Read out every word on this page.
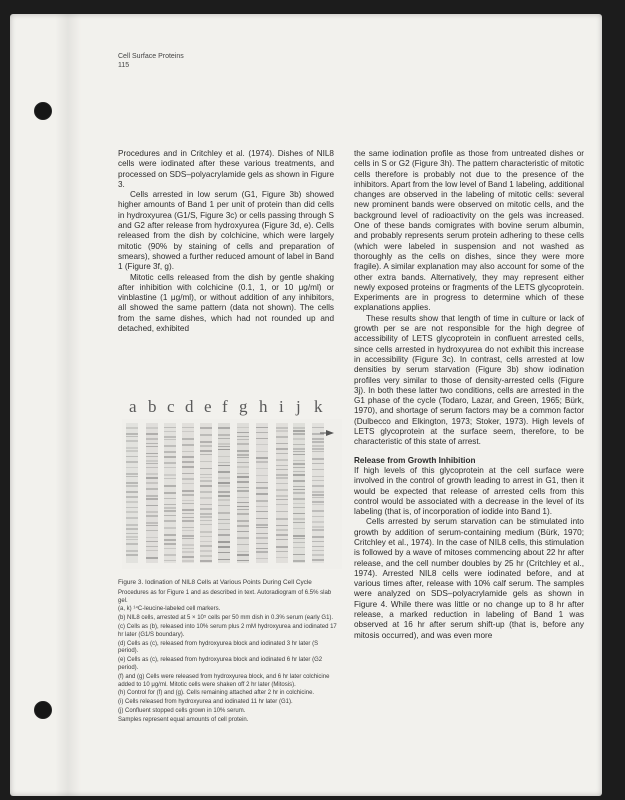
Cell Surface Proteins
115

Procedures and in Critchley et al. (1974). Dishes of NIL8 cells were iodinated after these various treatments, and processed on SDS–polyacrylamide gels as shown in Figure 3.

Cells arrested in low serum (G1, Figure 3b) showed higher amounts of Band 1 per unit of protein than did cells in hydroxyurea (G1/S, Figure 3c) or cells passing through S and G2 after release from hydroxyurea (Figure 3d, e). Cells released from the dish by colchicine, which were largely mitotic (90% by staining of cells and preparation of smears), showed a further reduced amount of label in Band 1 (Figure 3f, g).

Mitotic cells released from the dish by gentle shaking after inhibition with colchicine (0.1, 1, or 10 μg/ml) or vinblastine (1 μg/ml), or without addition of any inhibitors, all showed the same pattern (data not shown). The cells from the same dishes, which had not rounded up and detached, exhibited

a b c d e f g h i j k

Figure 3. Iodination of NIL8 Cells at Various Points During Cell Cycle

Procedures as for Figure 1 and as described in text. Autoradiogram of 6.5% slab gel.

(a, k) ¹⁴C-leucine-labeled cell markers.

(b) NIL8 cells, arrested at 5 × 10⁵ cells per 50 mm dish in 0.3% serum (early G1).

(c) Cells as (b), released into 10% serum plus 2 mM hydroxyurea and iodinated 17 hr later (G1/S boundary).

(d) Cells as (c), released from hydroxyurea block and iodinated 3 hr later (S period).

(e) Cells as (c), released from hydroxyurea block and iodinated 6 hr later (G2 period).

(f) and (g) Cells were released from hydroxyurea block, and 6 hr later colchicine added to 10 μg/ml. Mitotic cells were shaken off 2 hr later (Mitosis).

(h) Control for (f) and (g). Cells remaining attached after 2 hr in colchicine.

(i) Cells released from hydroxyurea and iodinated 11 hr later (G1).

(j) Confluent stopped cells grown in 10% serum.

Samples represent equal amounts of cell protein.

the same iodination profile as those from untreated dishes or cells in S or G2 (Figure 3h). The pattern characteristic of mitotic cells therefore is probably not due to the presence of the inhibitors. Apart from the low level of Band 1 labeling, additional changes are observed in the labeling of mitotic cells: several new prominent bands were observed on mitotic cells, and the background level of radioactivity on the gels was increased. One of these bands comigrates with bovine serum albumin, and probably represents serum protein adhering to these cells (which were labeled in suspension and not washed as thoroughly as the cells on dishes, since they were more fragile). A similar explanation may also account for some of the other extra bands. Alternatively, they may represent either newly exposed proteins or fragments of the LETS glycoprotein. Experiments are in progress to determine which of these explanations applies.

These results show that length of time in culture or lack of growth per se are not responsible for the high degree of accessibility of LETS glycoprotein in confluent arrested cells, since cells arrested in hydroxyurea do not exhibit this increase in accessibility (Figure 3c). In contrast, cells arrested at low densities by serum starvation (Figure 3b) show iodination profiles very similar to those of density-arrested cells (Figure 3j). In both these latter two conditions, cells are arrested in the G1 phase of the cycle (Todaro, Lazar, and Green, 1965; Bürk, 1970), and shortage of serum factors may be a common factor (Dulbecco and Elkington, 1973; Stoker, 1973). High levels of LETS glycoprotein at the surface seem, therefore, to be characteristic of this state of arrest.

Release from Growth Inhibition

If high levels of this glycoprotein at the cell surface were involved in the control of growth leading to arrest in G1, then it would be expected that release of arrested cells from this control would be associated with a decrease in the level of its labeling (that is, of incorporation of iodide into Band 1).

Cells arrested by serum starvation can be stimulated into growth by addition of serum-containing medium (Bürk, 1970; Critchley et al., 1974). In the case of NIL8 cells, this stimulation is followed by a wave of mitoses commencing about 22 hr after release, and the cell number doubles by 25 hr (Critchley et al., 1974). Arrested NIL8 cells were iodinated before, and at various times after, release with 10% calf serum. The samples were analyzed on SDS–polyacrylamide gels as shown in Figure 4. While there was little or no change up to 8 hr after release, a marked reduction in labeling of Band 1 was observed at 16 hr after serum shift-up (that is, before any mitosis occurred), and was even more
